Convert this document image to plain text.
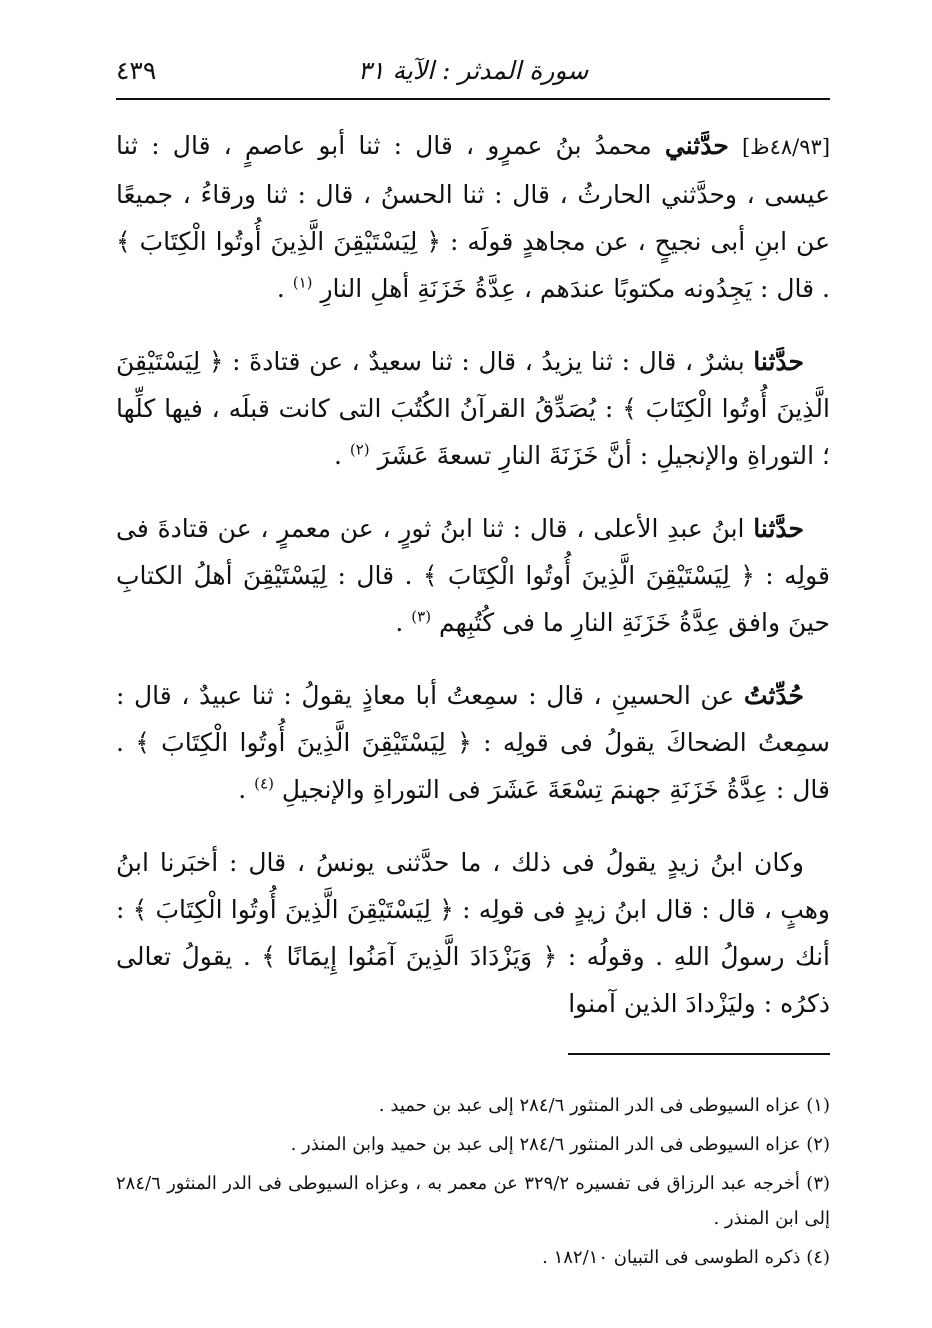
سورة المدثر : الآية ٣١
٤٣٩

[٤٨/٩٣ظ] حدَّثني محمدُ بنُ عمرٍو ، قال : ثنا أبو عاصمٍ ، قال : ثنا عيسى ، وحدَّثني الحارثُ ، قال : ثنا الحسنُ ، قال : ثنا ورقاءُ ، جميعًا عن ابنِ أبى نجيحٍ ، عن مجاهدٍ قولَه : ﴿ لِيَسْتَيْقِنَ الَّذِينَ أُوتُوا الْكِتَابَ ﴾ . قال : يَجِدُونه مكتوبًا عندَهم ، عِدَّةُ خَزَنَةِ أهلِ النارِ $^{(١)}$ .

حدَّثنا بشرٌ ، قال : ثنا يزيدُ ، قال : ثنا سعيدٌ ، عن قتادةَ : ﴿ لِيَسْتَيْقِنَ الَّذِينَ أُوتُوا الْكِتَابَ ﴾ : يُصَدِّقُ القرآنُ الكُتُبَ التى كانت قبلَه ، فيها كلِّها ؛ التوراةِ والإنجيلِ : أنَّ خَزَنَةَ النارِ تسعةَ عَشَرَ $^{(٢)}$ .

حدَّثنا ابنُ عبدِ الأعلى ، قال : ثنا ابنُ ثورٍ ، عن معمرٍ ، عن قتادةَ فى قولِه : ﴿ لِيَسْتَيْقِنَ الَّذِينَ أُوتُوا الْكِتَابَ ﴾ . قال : لِيَسْتَيْقِنَ أهلُ الكتابِ حينَ وافق عِدَّةُ خَزَنَةِ النارِ ما فى كُتُبِهم $^{(٣)}$ .

حُدِّثتُ عن الحسينِ ، قال : سمِعتُ أبا معاذٍ يقولُ : ثنا عبيدٌ ، قال : سمِعتُ الضحاكَ يقولُ فى قولِه : ﴿ لِيَسْتَيْقِنَ الَّذِينَ أُوتُوا الْكِتَابَ ﴾ . قال : عِدَّةُ خَزَنَةِ جهنمَ تِسْعَةَ عَشَرَ فى التوراةِ والإنجيلِ $^{(٤)}$ .

وكان ابنُ زيدٍ يقولُ فى ذلك ، ما حدَّثنى يونسُ ، قال : أخبَرنا ابنُ وهبٍ ، قال : قال ابنُ زيدٍ فى قولِه : ﴿ لِيَسْتَيْقِنَ الَّذِينَ أُوتُوا الْكِتَابَ ﴾ : أنك رسولُ اللهِ . وقولُه : ﴿ وَيَزْدَادَ الَّذِينَ آمَنُوا إِيمَانًا ﴾ . يقولُ تعالى ذكرُه : وليَزْدادَ الذين آمنوا

(١) عزاه السيوطى فى الدر المنثور ٢٨٤/٦ إلى عبد بن حميد .

(٢) عزاه السيوطى فى الدر المنثور ٢٨٤/٦ إلى عبد بن حميد وابن المنذر .

(٣) أخرجه عبد الرزاق فى تفسيره ٣٢٩/٢ عن معمر به ، وعزاه السيوطى فى الدر المنثور ٢٨٤/٦ إلى ابن المنذر .

(٤) ذكره الطوسى فى التبيان ١٨٢/١٠ .
